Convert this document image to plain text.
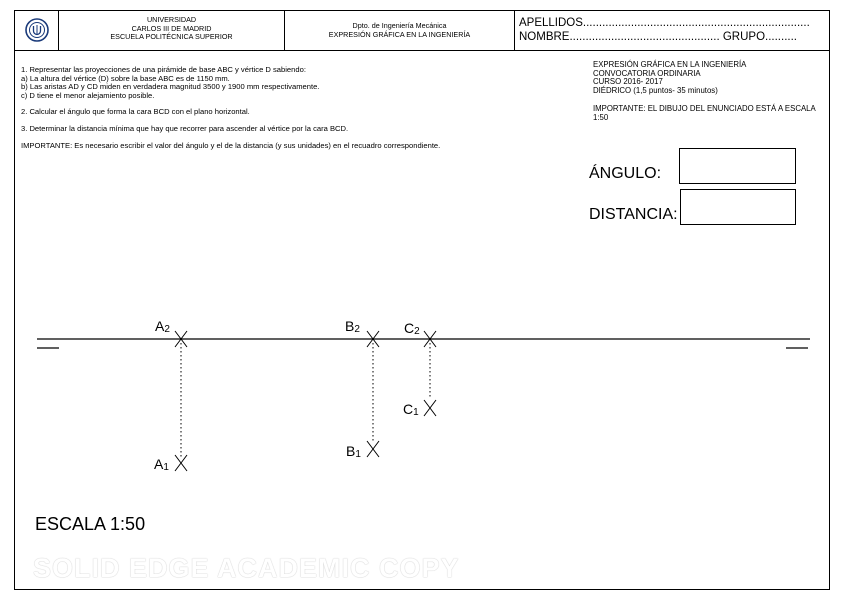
UNIVERSIDAD
CARLOS III DE MADRID
ESCUELA POLITÉCNICA SUPERIOR
Dpto. de Ingeniería Mecánica
EXPRESIÓN GRÁFICA EN LA INGENIERÍA
APELLIDOS.......................................................................
NOMBRE............................................... GRUPO..........

1. Representar las proyecciones de una pirámide de base ABC y vértice D sabiendo:
a) La altura del vértice (D) sobre la base ABC es de 1150 mm.
b) Las aristas AD y CD miden en verdadera magnitud 3500 y 1900 mm respectivamente.
c) D tiene el menor alejamiento posible.

2. Calcular el ángulo que forma la cara BCD con el plano horizontal.

3. Determinar la distancia mínima que hay que recorrer para ascender al vértice por la cara BCD.

IMPORTANTE: Es necesario escribir el valor del ángulo y el de la distancia (y sus unidades) en el recuadro correspondiente.

EXPRESIÓN GRÁFICA EN LA INGENIERÍA

CONVOCATORIA ORDINARIA

CURSO 2016- 2017

DIÉDRICO (1,5 puntos- 35 minutos)

IMPORTANTE: EL DIBUJO DEL ENUNCIADO ESTÁ A ESCALA 1:50

ÁNGULO:
DISTANCIA:
A2	B2	C2
A1
B1
C1
ESCALA 1:50
SOLID EDGE ACADEMIC COPY
